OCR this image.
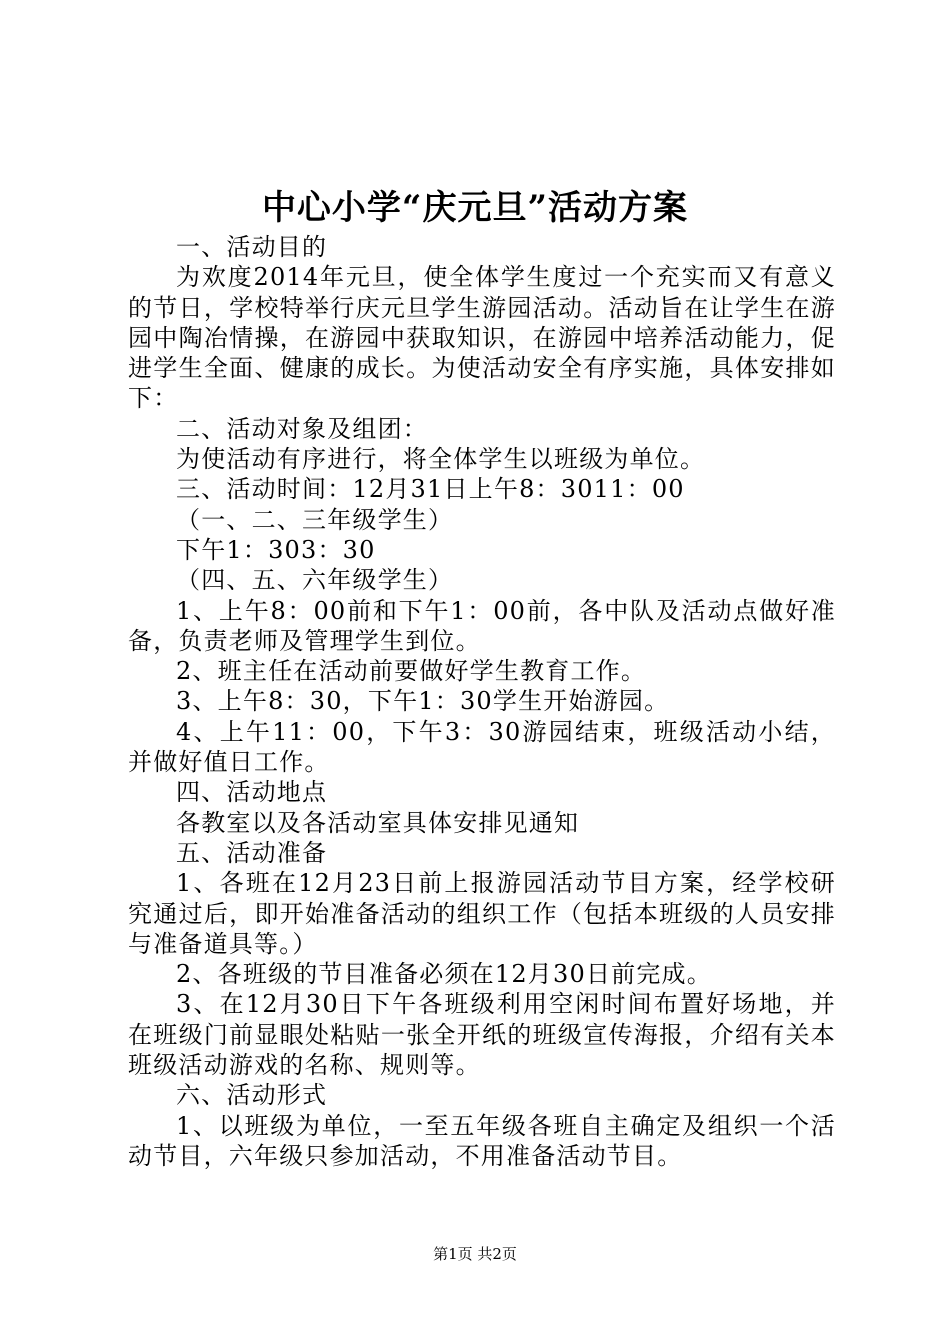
中心小学“庆元旦”活动方案

一、活动目的

为欢度2014年元旦，使全体学生度过一个充实而又有意义的节日，学校特举行庆元旦学生游园活动。活动旨在让学生在游园中陶冶情操，在游园中获取知识，在游园中培养活动能力，促进学生全面、健康的成长。为使活动安全有序实施，具体安排如下：

二、活动对象及组团：

为使活动有序进行，将全体学生以班级为单位。

三、活动时间：12月31日上午8：3011：00

（一、二、三年级学生）

下午1：303：30

（四、五、六年级学生）

1、上午8：00前和下午1：00前，各中队及活动点做好准备，负责老师及管理学生到位。

2、班主任在活动前要做好学生教育工作。

3、上午8：30，下午1：30学生开始游园。

4、上午11：00，下午3：30游园结束，班级活动小结，并做好值日工作。

四、活动地点

各教室以及各活动室具体安排见通知

五、活动准备

1、各班在12月23日前上报游园活动节目方案，经学校研究通过后，即开始准备活动的组织工作（包括本班级的人员安排与准备道具等。）

2、各班级的节目准备必须在12月30日前完成。

3、在12月30日下午各班级利用空闲时间布置好场地，并在班级门前显眼处粘贴一张全开纸的班级宣传海报，介绍有关本班级活动游戏的名称、规则等。

六、活动形式

1、以班级为单位，一至五年级各班自主确定及组织一个活动节目，六年级只参加活动，不用准备活动节目。

第1页 共2页
